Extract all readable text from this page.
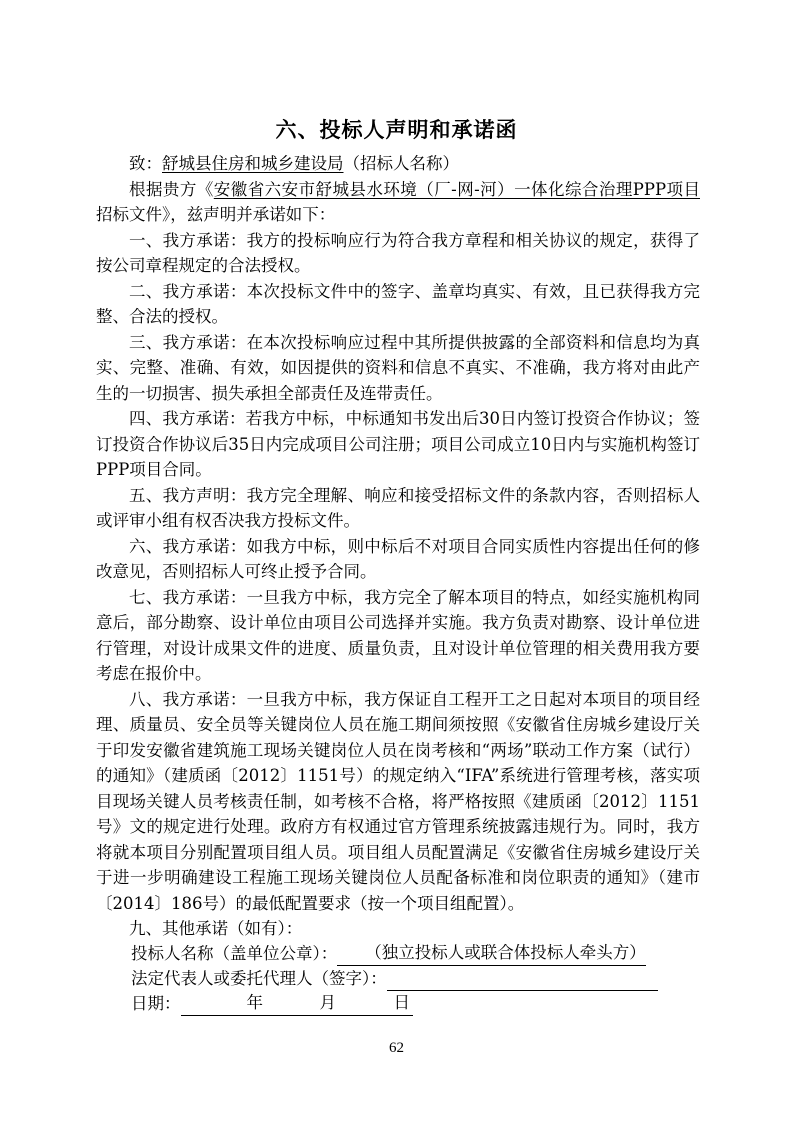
六、投标人声明和承诺函

致：舒城县住房和城乡建设局（招标人名称）

根据贵方《安徽省六安市舒城县水环境（厂-网-河）一体化综合治理PPP项目招标文件》，兹声明并承诺如下：

一、我方承诺：我方的投标响应行为符合我方章程和相关协议的规定，获得了按公司章程规定的合法授权。

二、我方承诺：本次投标文件中的签字、盖章均真实、有效，且已获得我方完整、合法的授权。

三、我方承诺：在本次投标响应过程中其所提供披露的全部资料和信息均为真实、完整、准确、有效，如因提供的资料和信息不真实、不准确，我方将对由此产生的一切损害、损失承担全部责任及连带责任。

四、我方承诺：若我方中标，中标通知书发出后30日内签订投资合作协议；签订投资合作协议后35日内完成项目公司注册；项目公司成立10日内与实施机构签订PPP项目合同。

五、我方声明：我方完全理解、响应和接受招标文件的条款内容，否则招标人或评审小组有权否决我方投标文件。

六、我方承诺：如我方中标，则中标后不对项目合同实质性内容提出任何的修改意见，否则招标人可终止授予合同。

七、我方承诺：一旦我方中标，我方完全了解本项目的特点，如经实施机构同意后，部分勘察、设计单位由项目公司选择并实施。我方负责对勘察、设计单位进行管理，对设计成果文件的进度、质量负责，且对设计单位管理的相关费用我方要考虑在报价中。

八、我方承诺：一旦我方中标，我方保证自工程开工之日起对本项目的项目经理、质量员、安全员等关键岗位人员在施工期间须按照《安徽省住房城乡建设厅关于印发安徽省建筑施工现场关键岗位人员在岗考核和“两场”联动工作方案（试行）的通知》（建质函〔2012〕1151号）的规定纳入“IFA”系统进行管理考核，落实项目现场关键人员考核责任制，如考核不合格，将严格按照《建质函〔2012〕1151号》文的规定进行处理。政府方有权通过官方管理系统披露违规行为。同时，我方将就本项目分别配置项目组人员。项目组人员配置满足《安徽省住房城乡建设厅关于进一步明确建设工程施工现场关键岗位人员配备标准和岗位职责的通知》（建市〔2014〕186号）的最低配置要求（按一个项目组配置）。

九、其他承诺（如有）：

投标人名称（盖单位公章）：	（独立投标人或联合体投标人牵头方）
法定代表人或委托代理人（签字）：
日期：	年	月	日
62
